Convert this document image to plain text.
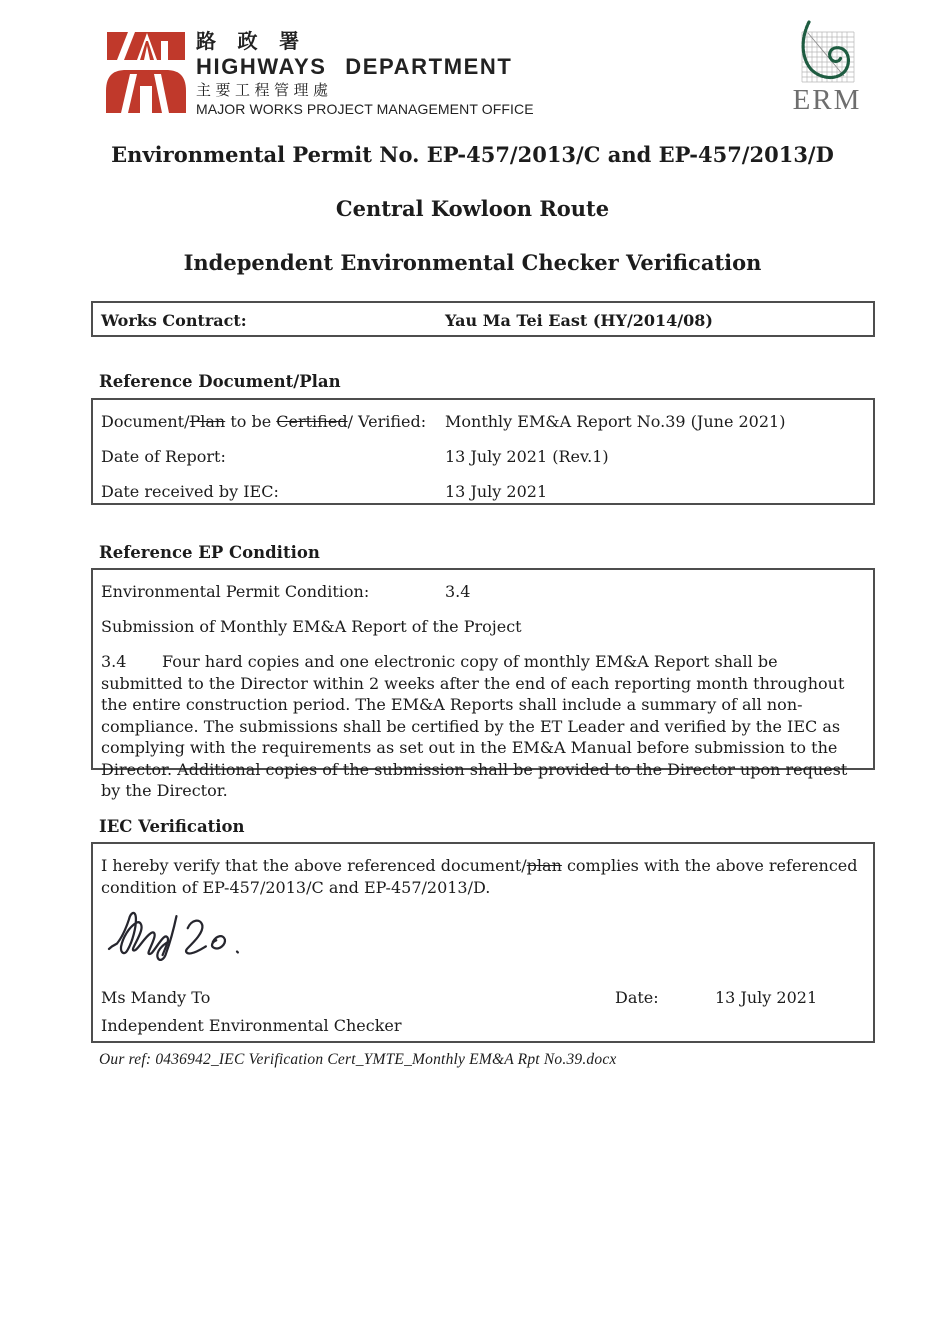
路 政 署
HIGHWAYS DEPARTMENT
主要工程管理處
MAJOR WORKS PROJECT MANAGEMENT OFFICE	ERM
Environmental Permit No. EP-457/2013/C and EP-457/2013/D
Central Kowloon Route
Independent Environmental Checker Verification
Works Contract:	Yau Ma Tei East (HY/2014/08)
Reference Document/Plan
Document/Plan to be Certified/ Verified: Monthly EM&A Report No.39 (June 2021)
Date of Report:	13 July 2021 (Rev.1)
Date received by IEC:	13 July 2021
Reference EP Condition
Environmental Permit Condition:	3.4
Submission of Monthly EM&A Report of the Project
3.4 Four hard copies and one electronic copy of monthly EM&A Report shall be submitted to the Director within 2 weeks after the end of each reporting month throughout the entire construction period. The EM&A Reports shall include a summary of all non-compliance. The submissions shall be certified by the ET Leader and verified by the IEC as complying with the requirements as set out in the EM&A Manual before submission to the Director. Additional copies of the submission shall be provided to the Director upon request by the Director.
IEC Verification
I hereby verify that the above referenced document/plan complies with the above referenced condition of EP-457/2013/C and EP-457/2013/D.
Ms Mandy To	Date:	13 July 2021
Independent Environmental Checker
Our ref: 0436942_IEC Verification Cert_YMTE_Monthly EM&A Rpt No.39.docx
